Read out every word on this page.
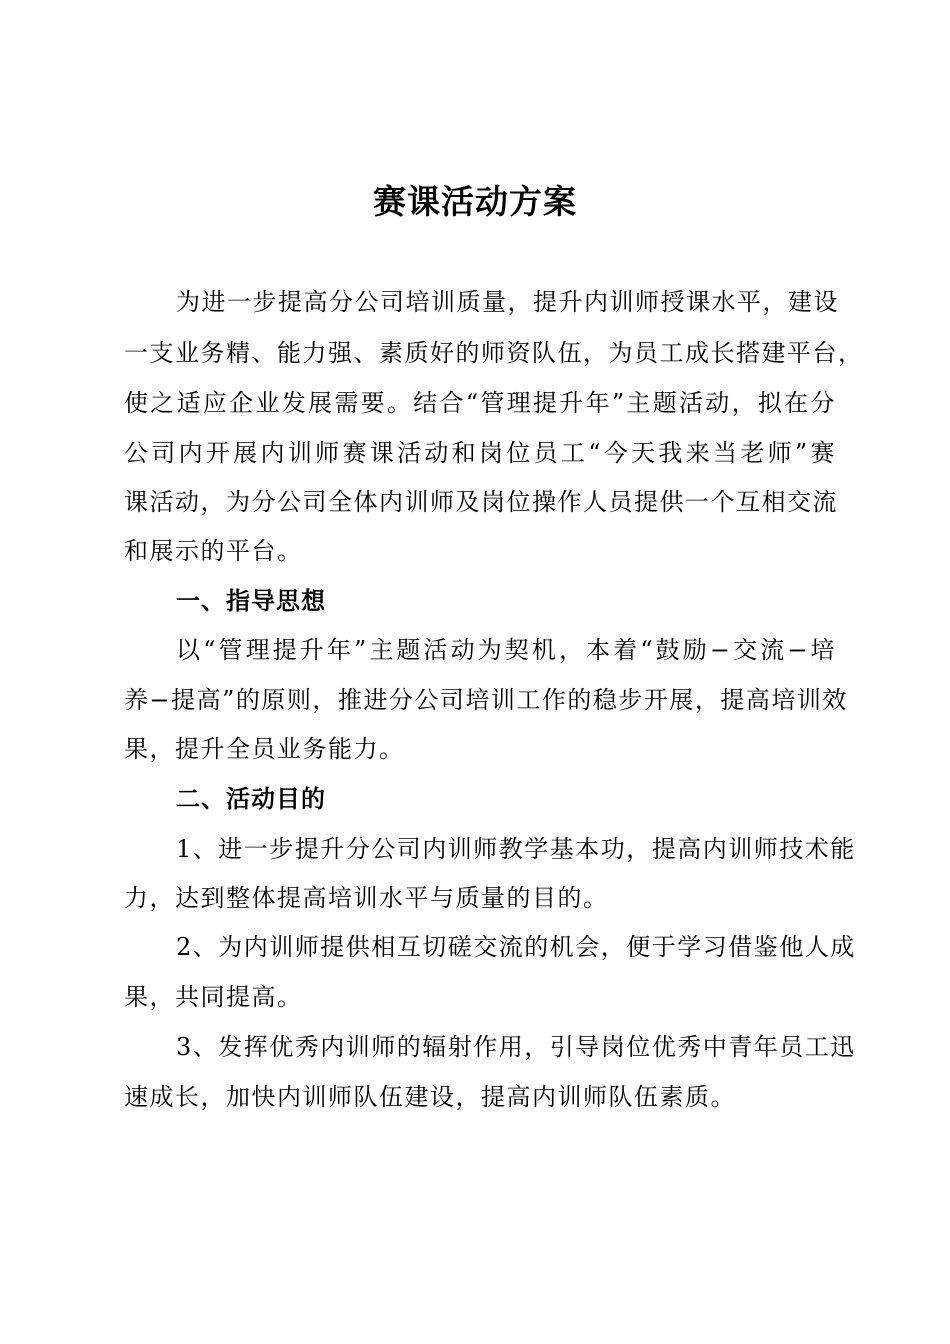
赛课活动方案

为进一步提高分公司培训质量，提升内训师授课水平，建设

一支业务精、能力强、素质好的师资队伍，为员工成长搭建平台，

使之适应企业发展需要。结合“管理提升年”主题活动，拟在分

公司内开展内训师赛课活动和岗位员工“今天我来当老师”赛

课活动，为分公司全体内训师及岗位操作人员提供一个互相交流

和展示的平台。

一、指导思想

以“管理提升年”主题活动为契机，本着“鼓励−交流−培

养−提高”的原则，推进分公司培训工作的稳步开展，提高培训效

果，提升全员业务能力。

二、活动目的

1、进一步提升分公司内训师教学基本功，提高内训师技术能

力，达到整体提高培训水平与质量的目的。

2、为内训师提供相互切磋交流的机会，便于学习借鉴他人成

果，共同提高。

3、发挥优秀内训师的辐射作用，引导岗位优秀中青年员工迅

速成长，加快内训师队伍建设，提高内训师队伍素质。
